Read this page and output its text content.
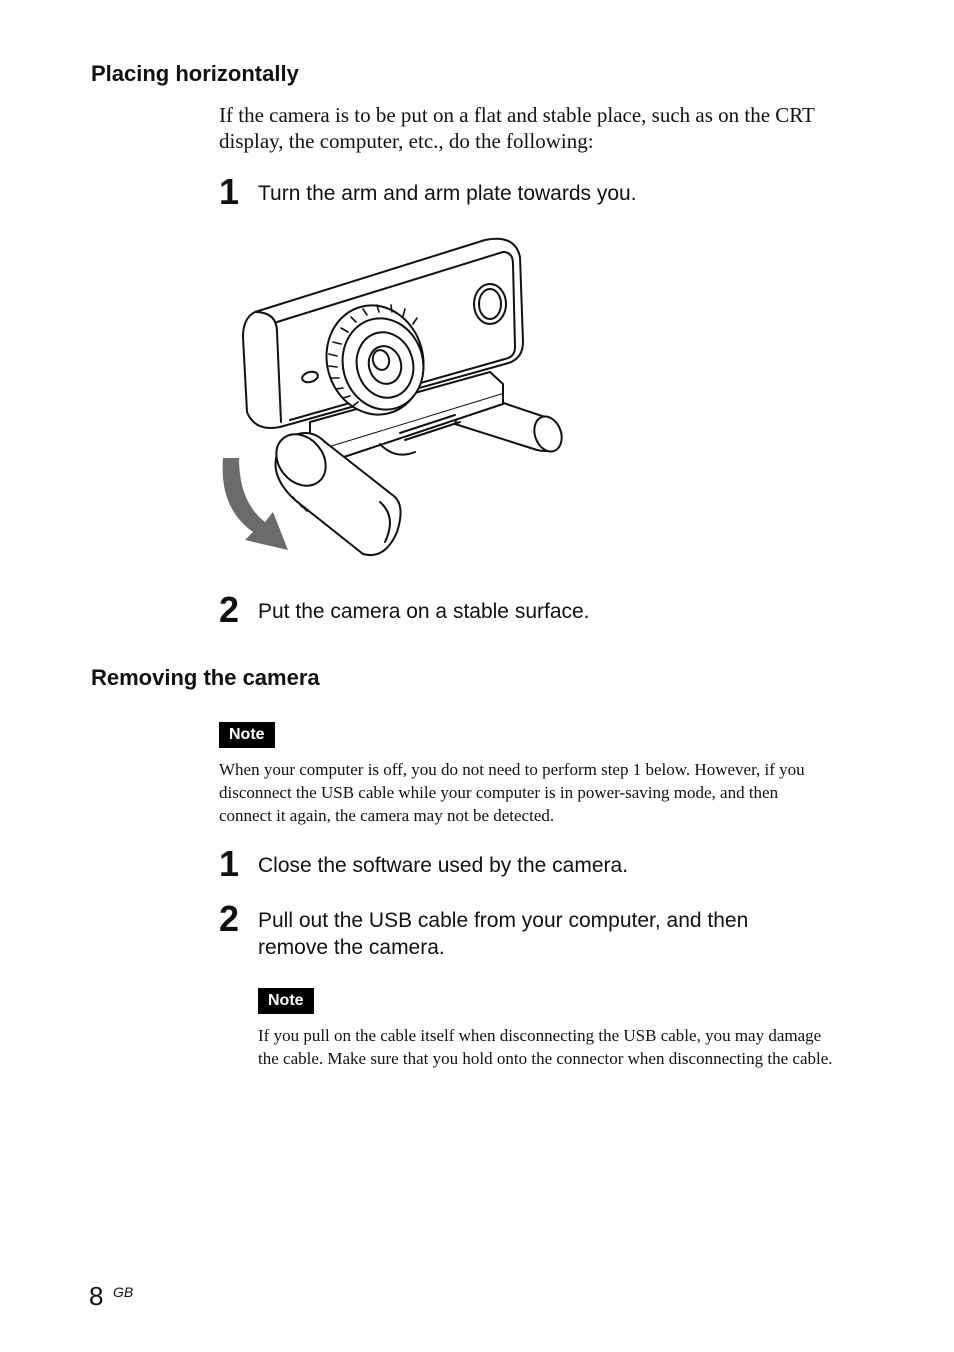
Placing horizontally

If the camera is to be put on a flat and stable place, such as on the CRT
display, the computer, etc., do the following:

1 Turn the arm and arm plate towards you.
2 Put the camera on a stable surface.
Removing the camera
Note

When your computer is off, you do not need to perform step 1 below. However, if you
disconnect the USB cable while your computer is in power-saving mode, and then
connect it again, the camera may not be detected.

1 Close the software used by the camera.
2 Pull out the USB cable from your computer, and then
remove the camera.
Note

If you pull on the cable itself when disconnecting the USB cable, you may damage
the cable. Make sure that you hold onto the connector when disconnecting the cable.

8 GB
